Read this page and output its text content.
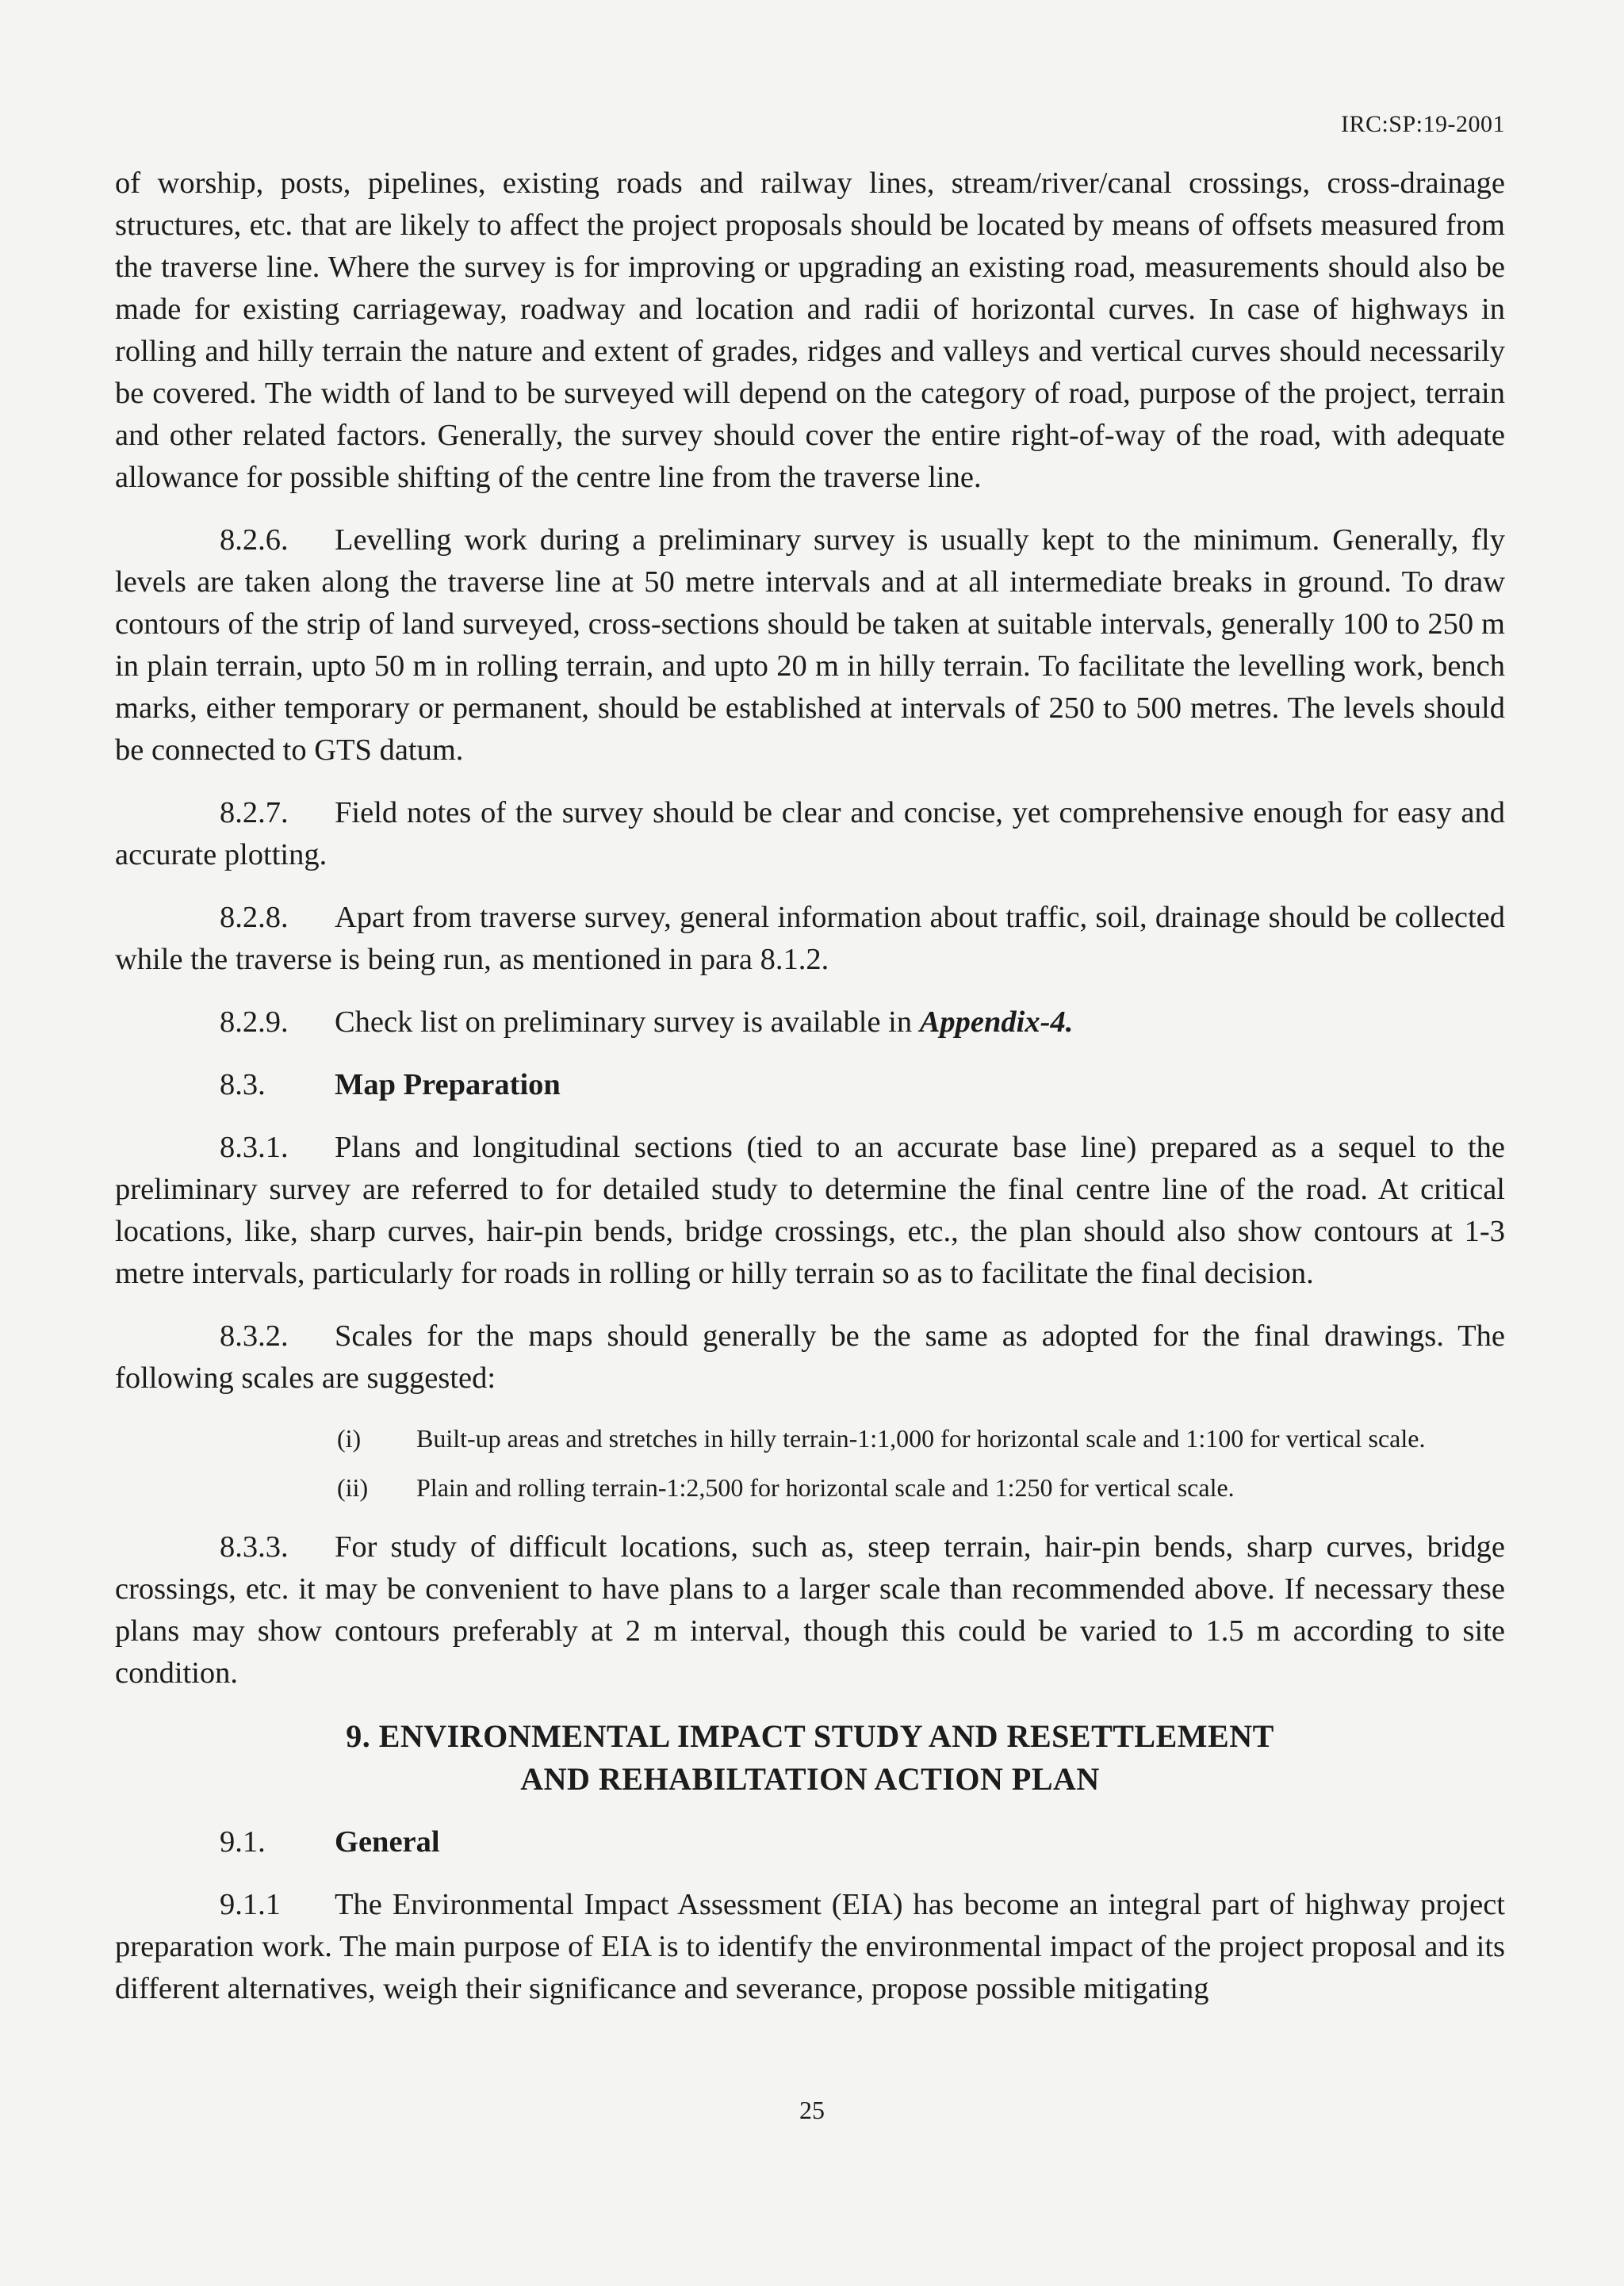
IRC:SP:19-2001

of worship, posts, pipelines, existing roads and railway lines, stream/river/canal crossings, cross-drainage structures, etc. that are likely to affect the project proposals should be located by means of offsets measured from the traverse line. Where the survey is for improving or upgrading an existing road, measurements should also be made for existing carriageway, roadway and location and radii of horizontal curves. In case of highways in rolling and hilly terrain the nature and extent of grades, ridges and valleys and vertical curves should necessarily be covered. The width of land to be surveyed will depend on the category of road, purpose of the project, terrain and other related factors. Generally, the survey should cover the entire right-of-way of the road, with adequate allowance for possible shifting of the centre line from the traverse line.

8.2.6. Levelling work during a preliminary survey is usually kept to the minimum. Generally, fly levels are taken along the traverse line at 50 metre intervals and at all intermediate breaks in ground. To draw contours of the strip of land surveyed, cross-sections should be taken at suitable intervals, generally 100 to 250 m in plain terrain, upto 50 m in rolling terrain, and upto 20 m in hilly terrain. To facilitate the levelling work, bench marks, either temporary or permanent, should be established at intervals of 250 to 500 metres. The levels should be connected to GTS datum.

8.2.7. Field notes of the survey should be clear and concise, yet comprehensive enough for easy and accurate plotting.

8.2.8. Apart from traverse survey, general information about traffic, soil, drainage should be collected while the traverse is being run, as mentioned in para 8.1.2.

8.2.9. Check list on preliminary survey is available in Appendix-4.

8.3. Map Preparation

8.3.1. Plans and longitudinal sections (tied to an accurate base line) prepared as a sequel to the preliminary survey are referred to for detailed study to determine the final centre line of the road. At critical locations, like, sharp curves, hair-pin bends, bridge crossings, etc., the plan should also show contours at 1-3 metre intervals, particularly for roads in rolling or hilly terrain so as to facilitate the final decision.

8.3.2. Scales for the maps should generally be the same as adopted for the final drawings. The following scales are suggested:

(i)	Built-up areas and stretches in hilly terrain-1:1,000 for horizontal scale and 1:100 for vertical scale.
(ii)	Plain and rolling terrain-1:2,500 for horizontal scale and 1:250 for vertical scale.

8.3.3. For study of difficult locations, such as, steep terrain, hair-pin bends, sharp curves, bridge crossings, etc. it may be convenient to have plans to a larger scale than recommended above. If necessary these plans may show contours preferably at 2 m interval, though this could be varied to 1.5 m according to site condition.

9. ENVIRONMENTAL IMPACT STUDY AND RESETTLEMENT
AND REHABILTATION ACTION PLAN
9.1. General

9.1.1 The Environmental Impact Assessment (EIA) has become an integral part of highway project preparation work. The main purpose of EIA is to identify the environmental impact of the project proposal and its different alternatives, weigh their significance and severance, propose possible mitigating

25
